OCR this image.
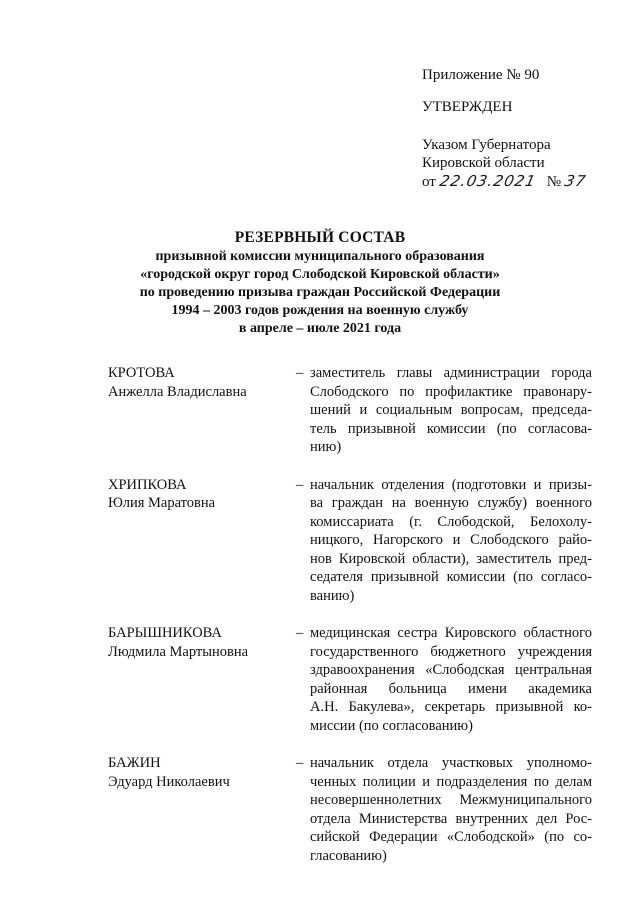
Приложение № 90
УТВЕРЖДЕН
Указом Губернатора
Кировской области
от 22.03.2021 № 37
РЕЗЕРВНЫЙ СОСТАВ
призывной комиссии муниципального образования
«городской округ город Слободской Кировской области»
по проведению призыва граждан Российской Федерации
1994 – 2003 годов рождения на военную службу
в апреле – июле 2021 года
КРОТОВА
Анжелла Владиславна
– заместитель главы администрации города
Слободского по профилактике правонару-
шений и социальным вопросам, председа-
тель призывной комиссии (по согласова-
нию)
ХРИПКОВА
Юлия Маратовна
– начальник отделения (подготовки и призы-
ва граждан на военную службу) военного
комиссариата (г. Слободской, Белохолу-
ницкого, Нагорского и Слободского райо-
нов Кировской области), заместитель пред-
седателя призывной комиссии (по согласо-
ванию)
БАРЫШНИКОВА
Людмила Мартыновна
– медицинская сестра Кировского областного
государственного бюджетного учреждения
здравоохранения «Слободская центральная
районная больница имени академика
А.Н. Бакулева», секретарь призывной ко-
миссии (по согласованию)
БАЖИН
Эдуард Николаевич
– начальник отдела участковых уполномо-
ченных полиции и подразделения по делам
несовершеннолетних Межмуниципального
отдела Министерства внутренних дел Рос-
сийской Федерации «Слободской» (по со-
гласованию)
